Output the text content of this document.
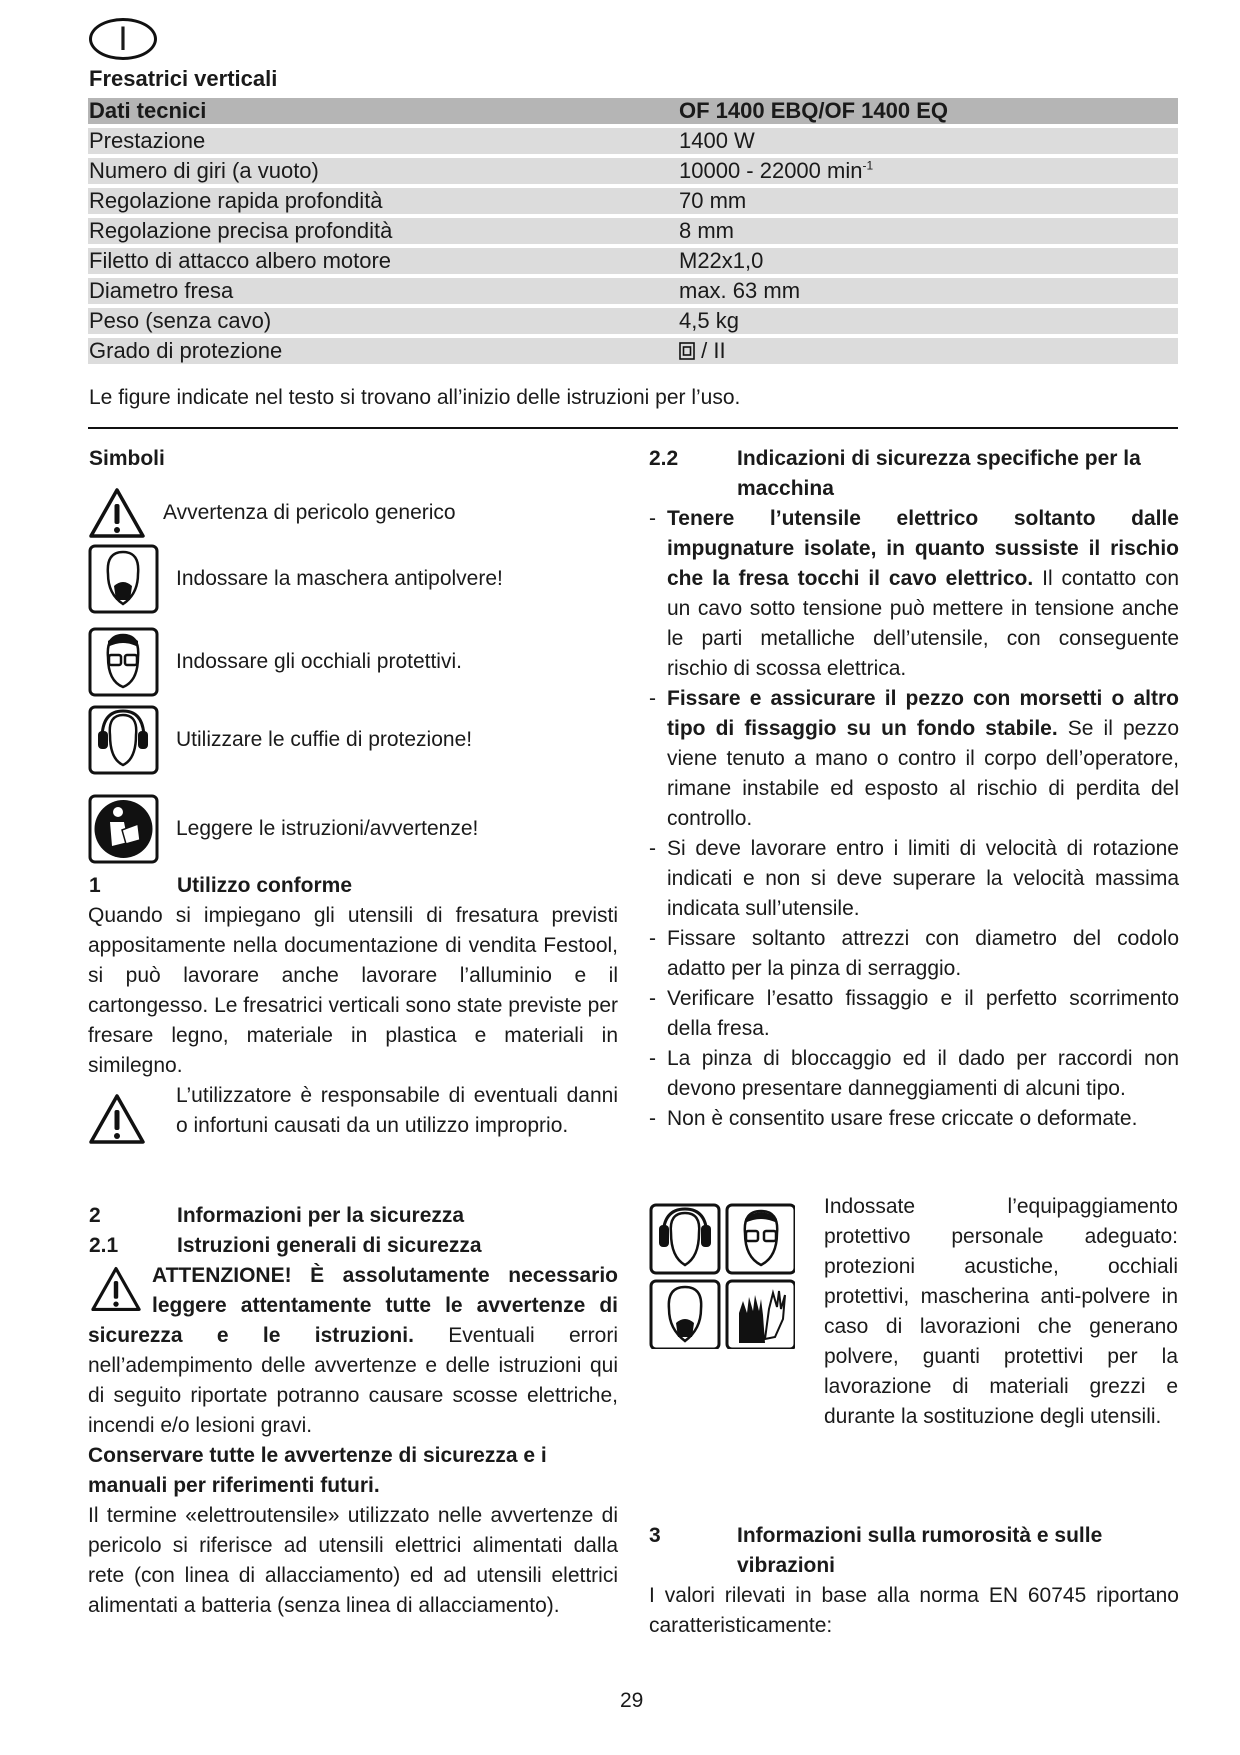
I
Fresatrici verticali
Dati tecnici	OF 1400 EBQ/OF 1400 EQ
Prestazione	1400 W
Numero di giri (a vuoto)	10000 - 22000 $\min^{-1}$
Regolazione rapida profondità	70 mm
Regolazione precisa profondità	8 mm
Filetto di attacco albero motore	M22x1,0
Diametro fresa	max. 63 mm
Peso (senza cavo)	4,5 kg
Grado di protezione	/ II
Le figure indicate nel testo si trovano all’inizio delle istruzioni per l’uso.
Simboli
Avvertenza di pericolo generico
Indossare la maschera antipolvere!
Indossare gli occhiali protettivi.
Utilizzare le cuffie di protezione!
Leggere le istruzioni/avvertenze!
1	Utilizzo conforme
Quando si impiegano gli utensili di fresatura previsti appositamente nella documentazione di vendita Festool, si può lavorare anche lavorare l’alluminio e il cartongesso. Le fresatrici verticali sono state previste per fresare legno, materiale in plastica e materiali in similegno.
L’utilizzatore è responsabile di eventuali danni o infortuni causati da un utilizzo improprio.
2	Informazioni per la sicurezza
2.1	Istruzioni generali di sicurezza
ATTENZIONE! È assolutamente necessario leggere attentamente tutte le avvertenze di sicurezza e le istruzioni. Eventuali errori nell’adempimento delle avvertenze e delle istruzioni qui di seguito riportate potranno causare scosse elettriche, incendi e/o lesioni gravi.
Conservare tutte le avvertenze di sicurezza e i manuali per riferimenti futuri.
Il termine «elettroutensile» utilizzato nelle avvertenze di pericolo si riferisce ad utensili elettrici alimentati dalla rete (con linea di allacciamento) ed ad utensili elettrici alimentati a batteria (senza linea di allacciamento).
2.2	Indicazioni di sicurezza specifiche per la macchina
- Tenere l’utensile elettrico soltanto dalle impugnature isolate, in quanto sussiste il rischio che la fresa tocchi il cavo elettrico. Il contatto con un cavo sotto tensione può mettere in tensione anche le parti metalliche dell’utensile, con conseguente rischio di scossa elettrica.
- Fissare e assicurare il pezzo con morsetti o altro tipo di fissaggio su un fondo stabile. Se il pezzo viene tenuto a mano o contro il corpo dell’operatore, rimane instabile ed esposto al rischio di perdita del controllo.
- Si deve lavorare entro i limiti di velocità di rotazione indicati e non si deve superare la velocità massima indicata sull’utensile.
- Fissare soltanto attrezzi con diametro del codolo adatto per la pinza di serraggio.
- Verificare l’esatto fissaggio e il perfetto scorrimento della fresa.
- La pinza di bloccaggio ed il dado per raccordi non devono presentare danneggiamenti di alcuni tipo.
- Non è consentito usare frese criccate o deformate.
Indossate l’equipaggiamento protettivo personale adeguato: protezioni acustiche, occhiali protettivi, mascherina anti-polvere in caso di lavorazioni che generano polvere, guanti protettivi per la lavorazione di materiali grezzi e durante la sostituzione degli utensili.
3	Informazioni sulla rumorosità e sulle vibrazioni
I valori rilevati in base alla norma EN 60745 riportano caratteristicamente:
29
